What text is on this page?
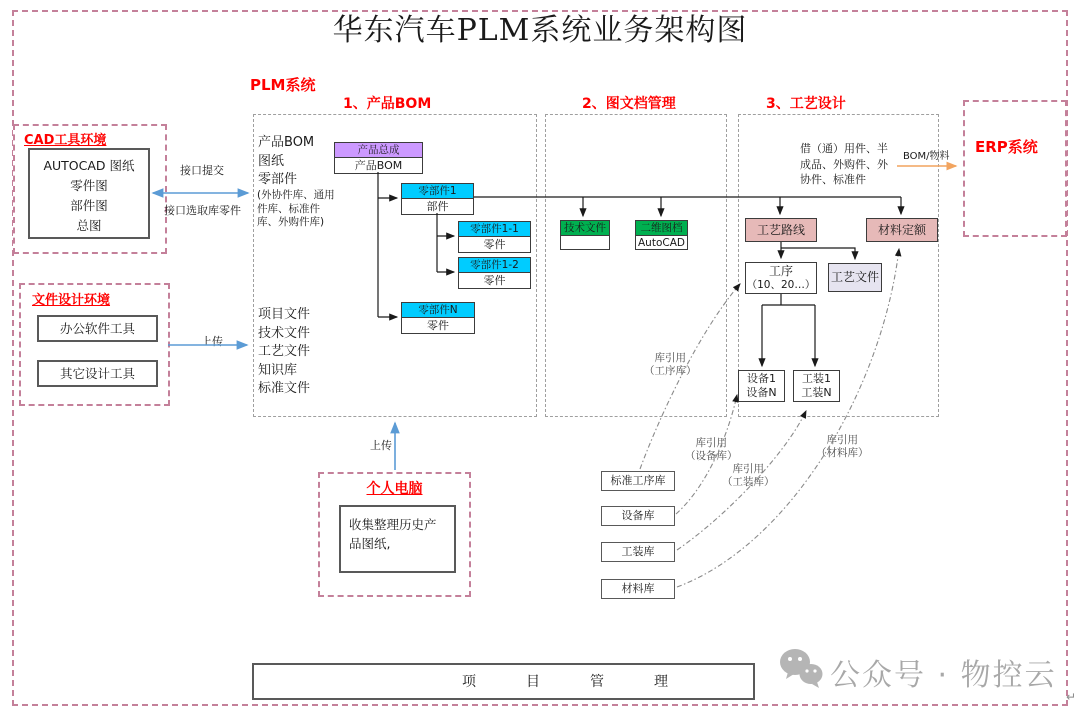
华东汽车PLM系统业务架构图
PLM系统
1、产品BOM	2、图文档管理	3、工艺设计
ERP系统
CAD工具环境
AUTOCAD 图纸
零件图
部件图
总图
接口提交
接口选取库零件
文件设计环境
办公软件工具
其它设计工具
上传
产品BOM
图纸
零部件
(外协件库、通用件库、标准件库、外购件库)
项目文件
技术文件
工艺文件
知识库
标准文件
产品总成
产品BOM
零部件1
部件
零部件1-1
零件
零部件1-2
零件
零部件N
零件
技术文件	二维图档
AutoCAD
借（通）用件、半成品、外购件、外协件、标准件
BOM/物料
工艺路线	材料定额
工序
（10、20…）
工艺文件
设备1
设备N
工装1
工装N
标准工序库
设备库
工装库
材料库
库引用
（工序库）
库引用
（设备库）
库引用
（工装库）
库引用
（材料库）
个人电脑
收集整理历史产品图纸,
上传
项目管理	公众号 · 物控云
↵
